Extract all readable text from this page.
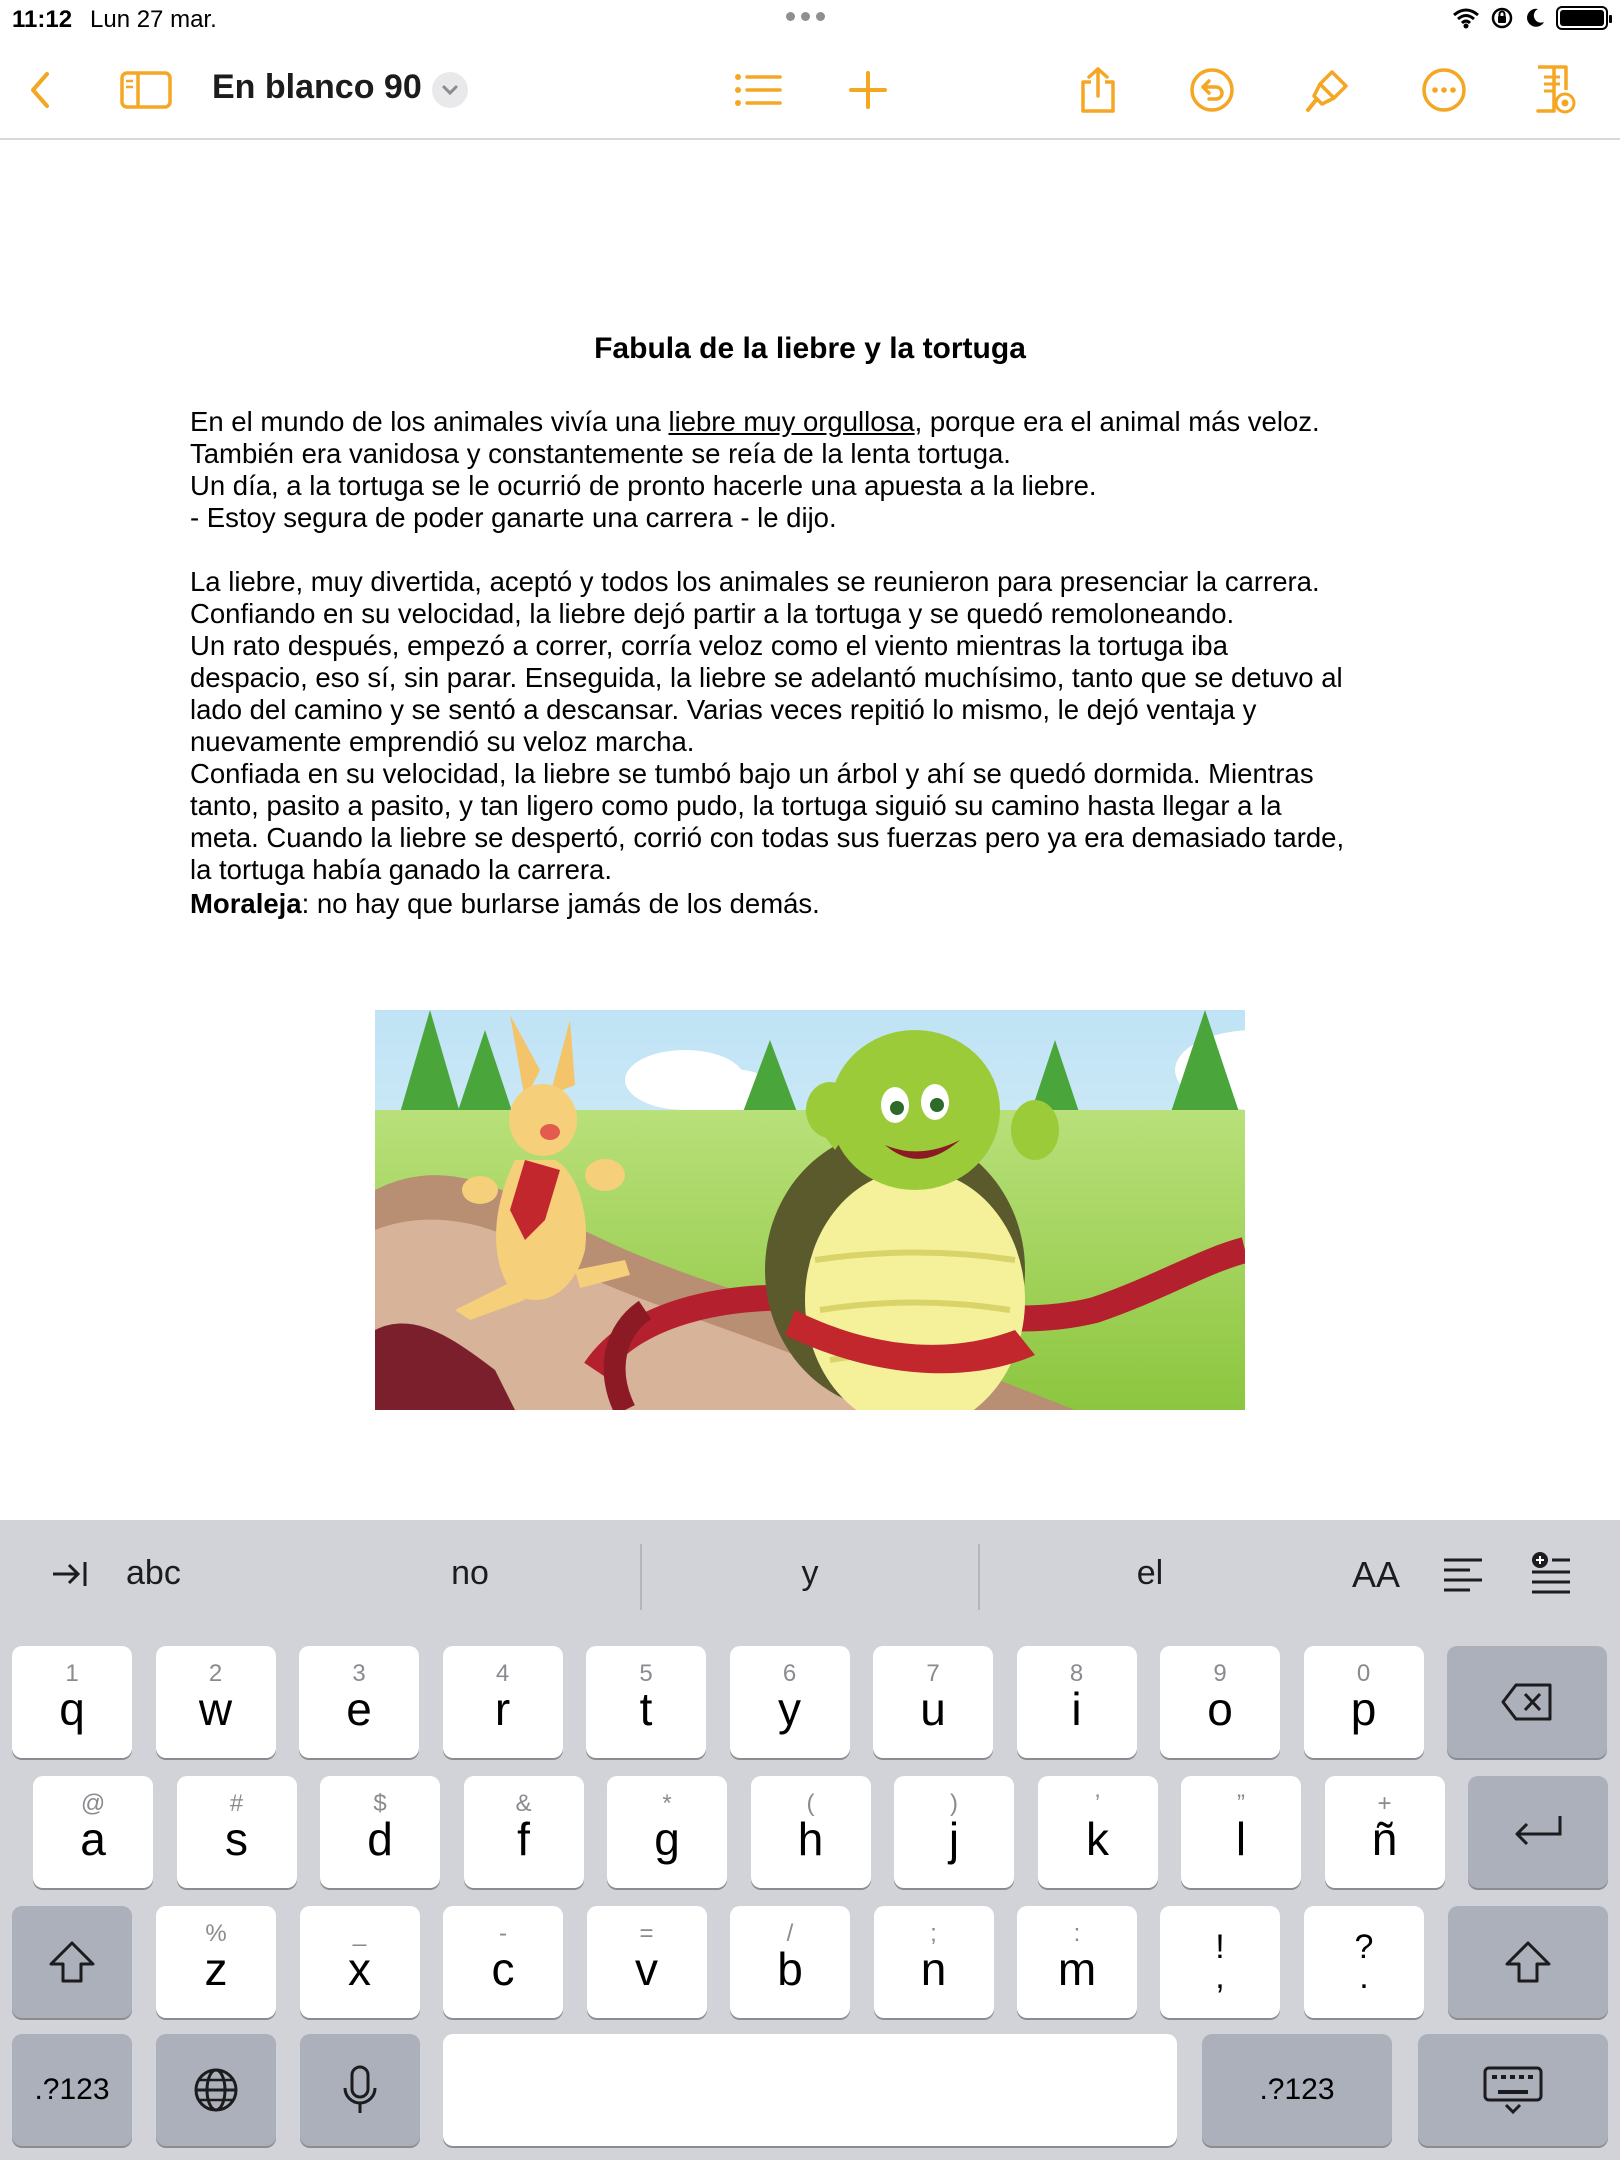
11:12 Lun 27 mar.
En blanco 90
Fabula de la liebre y la tortuga
En el mundo de los animales vivía una liebre muy orgullosa, porque era el animal más veloz.
También era vanidosa y constantemente se reía de la lenta tortuga.
Un día, a la tortuga se le ocurrió de pronto hacerle una apuesta a la liebre.
- Estoy segura de poder ganarte una carrera - le dijo.
La liebre, muy divertida, aceptó y todos los animales se reunieron para presenciar la carrera.
Confiando en su velocidad, la liebre dejó partir a la tortuga y se quedó remoloneando.
Un rato después, empezó a correr, corría veloz como el viento mientras la tortuga iba
despacio, eso sí, sin parar. Enseguida, la liebre se adelantó muchísimo, tanto que se detuvo al
lado del camino y se sentó a descansar. Varias veces repitió lo mismo, le dejó ventaja y
nuevamente emprendió su veloz marcha.
Confiada en su velocidad, la liebre se tumbó bajo un árbol y ahí se quedó dormida. Mientras
tanto, pasito a pasito, y tan ligero como pudo, la tortuga siguió su camino hasta llegar a la
meta. Cuando la liebre se despertó, corrió con todas sus fuerzas pero ya era demasiado tarde,
la tortuga había ganado la carrera.
Moraleja: no hay que burlarse jamás de los demás.
abc	no	y	el	AA
1
q
2
w
3
e
4
r
5
t
6
y
7
u
8
i
9
o
0
p
@
a
#
s
$
d
&
f
*
g
(
h
)
j
’
k
”
l
+
ñ
%
z
_
x
-
c
=
v
/
b
;
n
:
m	!
,
?
.
.?123	.?123
